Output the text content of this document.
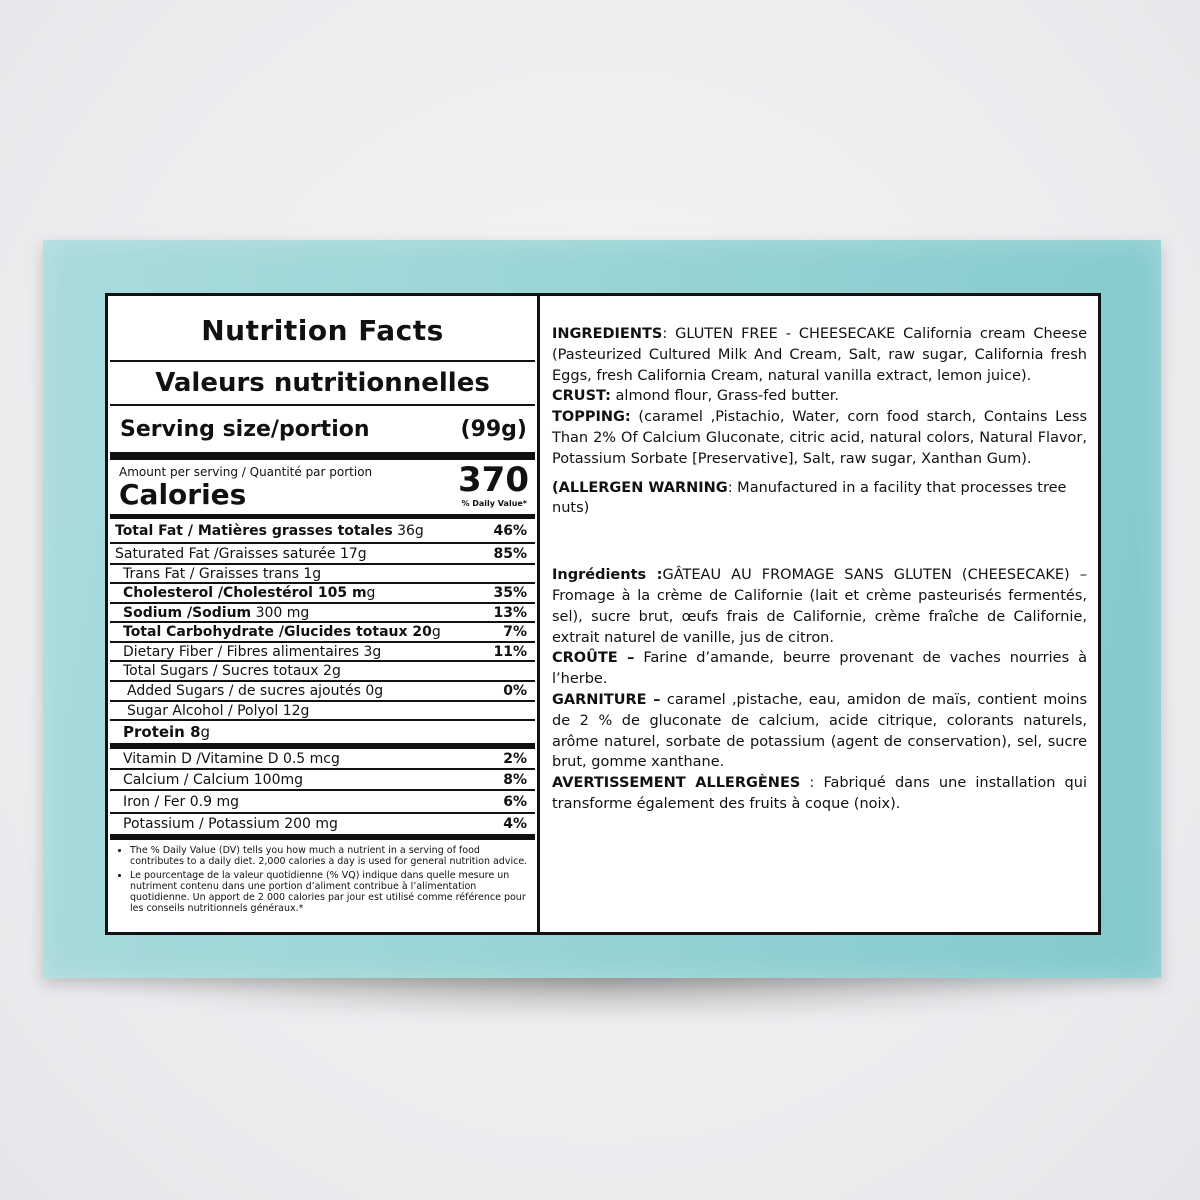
Nutrition Facts
Valeurs nutritionnelles
Serving size/portion	(99g)
Amount per serving / Quantité par portion
Calories	370
% Daily Value*
Total Fat / Matières grasses totales 36g	46%
Saturated Fat /Graisses saturée 17g	85%
Trans Fat / Graisses trans 1g
Cholesterol /Cholestérol 105 mg	35%
Sodium /Sodium 300 mg	13%
Total Carbohydrate /Glucides totaux 20g	7%
Dietary Fiber / Fibres alimentaires 3g	11%
Total Sugars / Sucres totaux 2g
Added Sugars / de sucres ajoutés 0g	0%
Sugar Alcohol / Polyol 12g
Protein 8g
Vitamin D /Vitamine D 0.5 mcg	2%
Calcium / Calcium 100mg	8%
Iron / Fer 0.9 mg	6%
Potassium / Potassium 200 mg	4%
• The % Daily Value (DV) tells you how much a nutrient in a serving of food contributes to a daily diet. 2,000 calories a day is used for general nutrition advice.
• Le pourcentage de la valeur quotidienne (% VQ) indique dans quelle mesure un nutriment contenu dans une portion d’aliment contribue à l’alimentation quotidienne. Un apport de 2 000 calories par jour est utilisé comme référence pour les conseils nutritionnels généraux.*

INGREDIENTS: GLUTEN FREE - CHEESECAKE California cream Cheese (Pasteurized Cultured Milk And Cream, Salt, raw sugar, California fresh Eggs, fresh California Cream, natural vanilla extract, lemon juice).

CRUST: almond flour, Grass-fed butter.

TOPPING: (caramel ,Pistachio, Water, corn food starch, Contains Less Than 2% Of Calcium Gluconate, citric acid, natural colors, Natural Flavor, Potassium Sorbate [Preservative], Salt, raw sugar, Xanthan Gum).

(ALLERGEN WARNING: Manufactured in a facility that processes tree nuts)

Ingrédients :GÂTEAU AU FROMAGE SANS GLUTEN (CHEESECAKE) – Fromage à la crème de Californie (lait et crème pasteurisés fermentés, sel), sucre brut, œufs frais de Californie, crème fraîche de Californie, extrait naturel de vanille, jus de citron.

CROÛTE – Farine d’amande, beurre provenant de vaches nourries à l’herbe.

GARNITURE – caramel ,pistache, eau, amidon de maïs, contient moins de 2 % de gluconate de calcium, acide citrique, colorants naturels, arôme naturel, sorbate de potassium (agent de conservation), sel, sucre brut, gomme xanthane.

AVERTISSEMENT ALLERGÈNES : Fabriqué dans une installation qui transforme également des fruits à coque (noix).
